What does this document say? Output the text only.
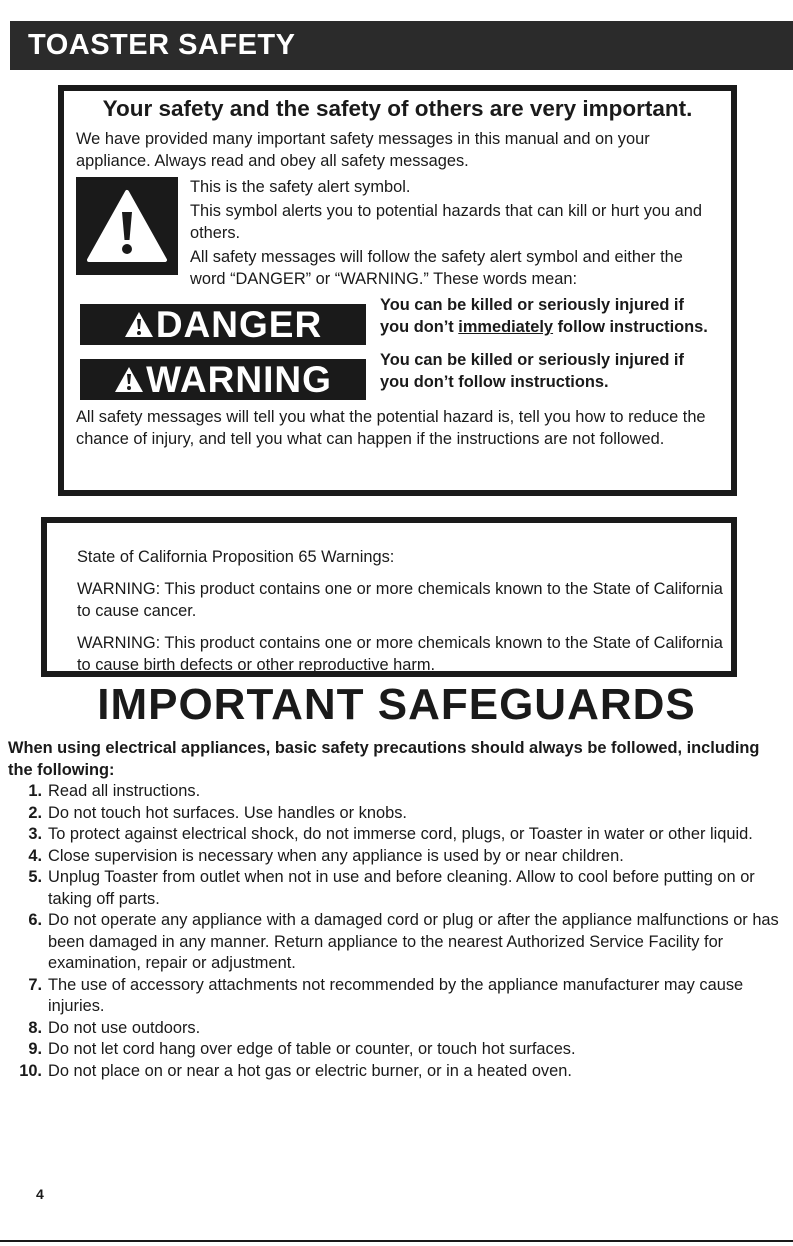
TOASTER SAFETY
Your safety and the safety of others are very important.

We have provided many important safety messages in this manual and on your appliance. Always read and obey all safety messages.

This is the safety alert symbol.

This symbol alerts you to potential hazards that can kill or hurt you and others.

All safety messages will follow the safety alert symbol and either the word “DANGER” or “WARNING.” These words mean:

DANGER	You can be killed or seriously injured if you don’t immediately follow instructions.
WARNING	You can be killed or seriously injured if you don’t follow instructions.

All safety messages will tell you what the potential hazard is, tell you how to reduce the chance of injury, and tell you what can happen if the instructions are not followed.

State of California Proposition 65 Warnings:

WARNING: This product contains one or more chemicals known to the State of California to cause cancer.

WARNING: This product contains one or more chemicals known to the State of California to cause birth defects or other reproductive harm.

IMPORTANT SAFEGUARDS
When using electrical appliances, basic safety precautions should always be followed, including the following:
1. Read all instructions.
2. Do not touch hot surfaces. Use handles or knobs.
3. To protect against electrical shock, do not immerse cord, plugs, or Toaster in water or other liquid.
4. Close supervision is necessary when any appliance is used by or near children.
5. Unplug Toaster from outlet when not in use and before cleaning. Allow to cool before putting on or taking off parts.
6. Do not operate any appliance with a damaged cord or plug or after the appliance malfunctions or has been damaged in any manner. Return appliance to the nearest Authorized Service Facility for examination, repair or adjustment.
7. The use of accessory attachments not recommended by the appliance manufacturer may cause injuries.
8. Do not use outdoors.
9. Do not let cord hang over edge of table or counter, or touch hot surfaces.
10. Do not place on or near a hot gas or electric burner, or in a heated oven.
4
